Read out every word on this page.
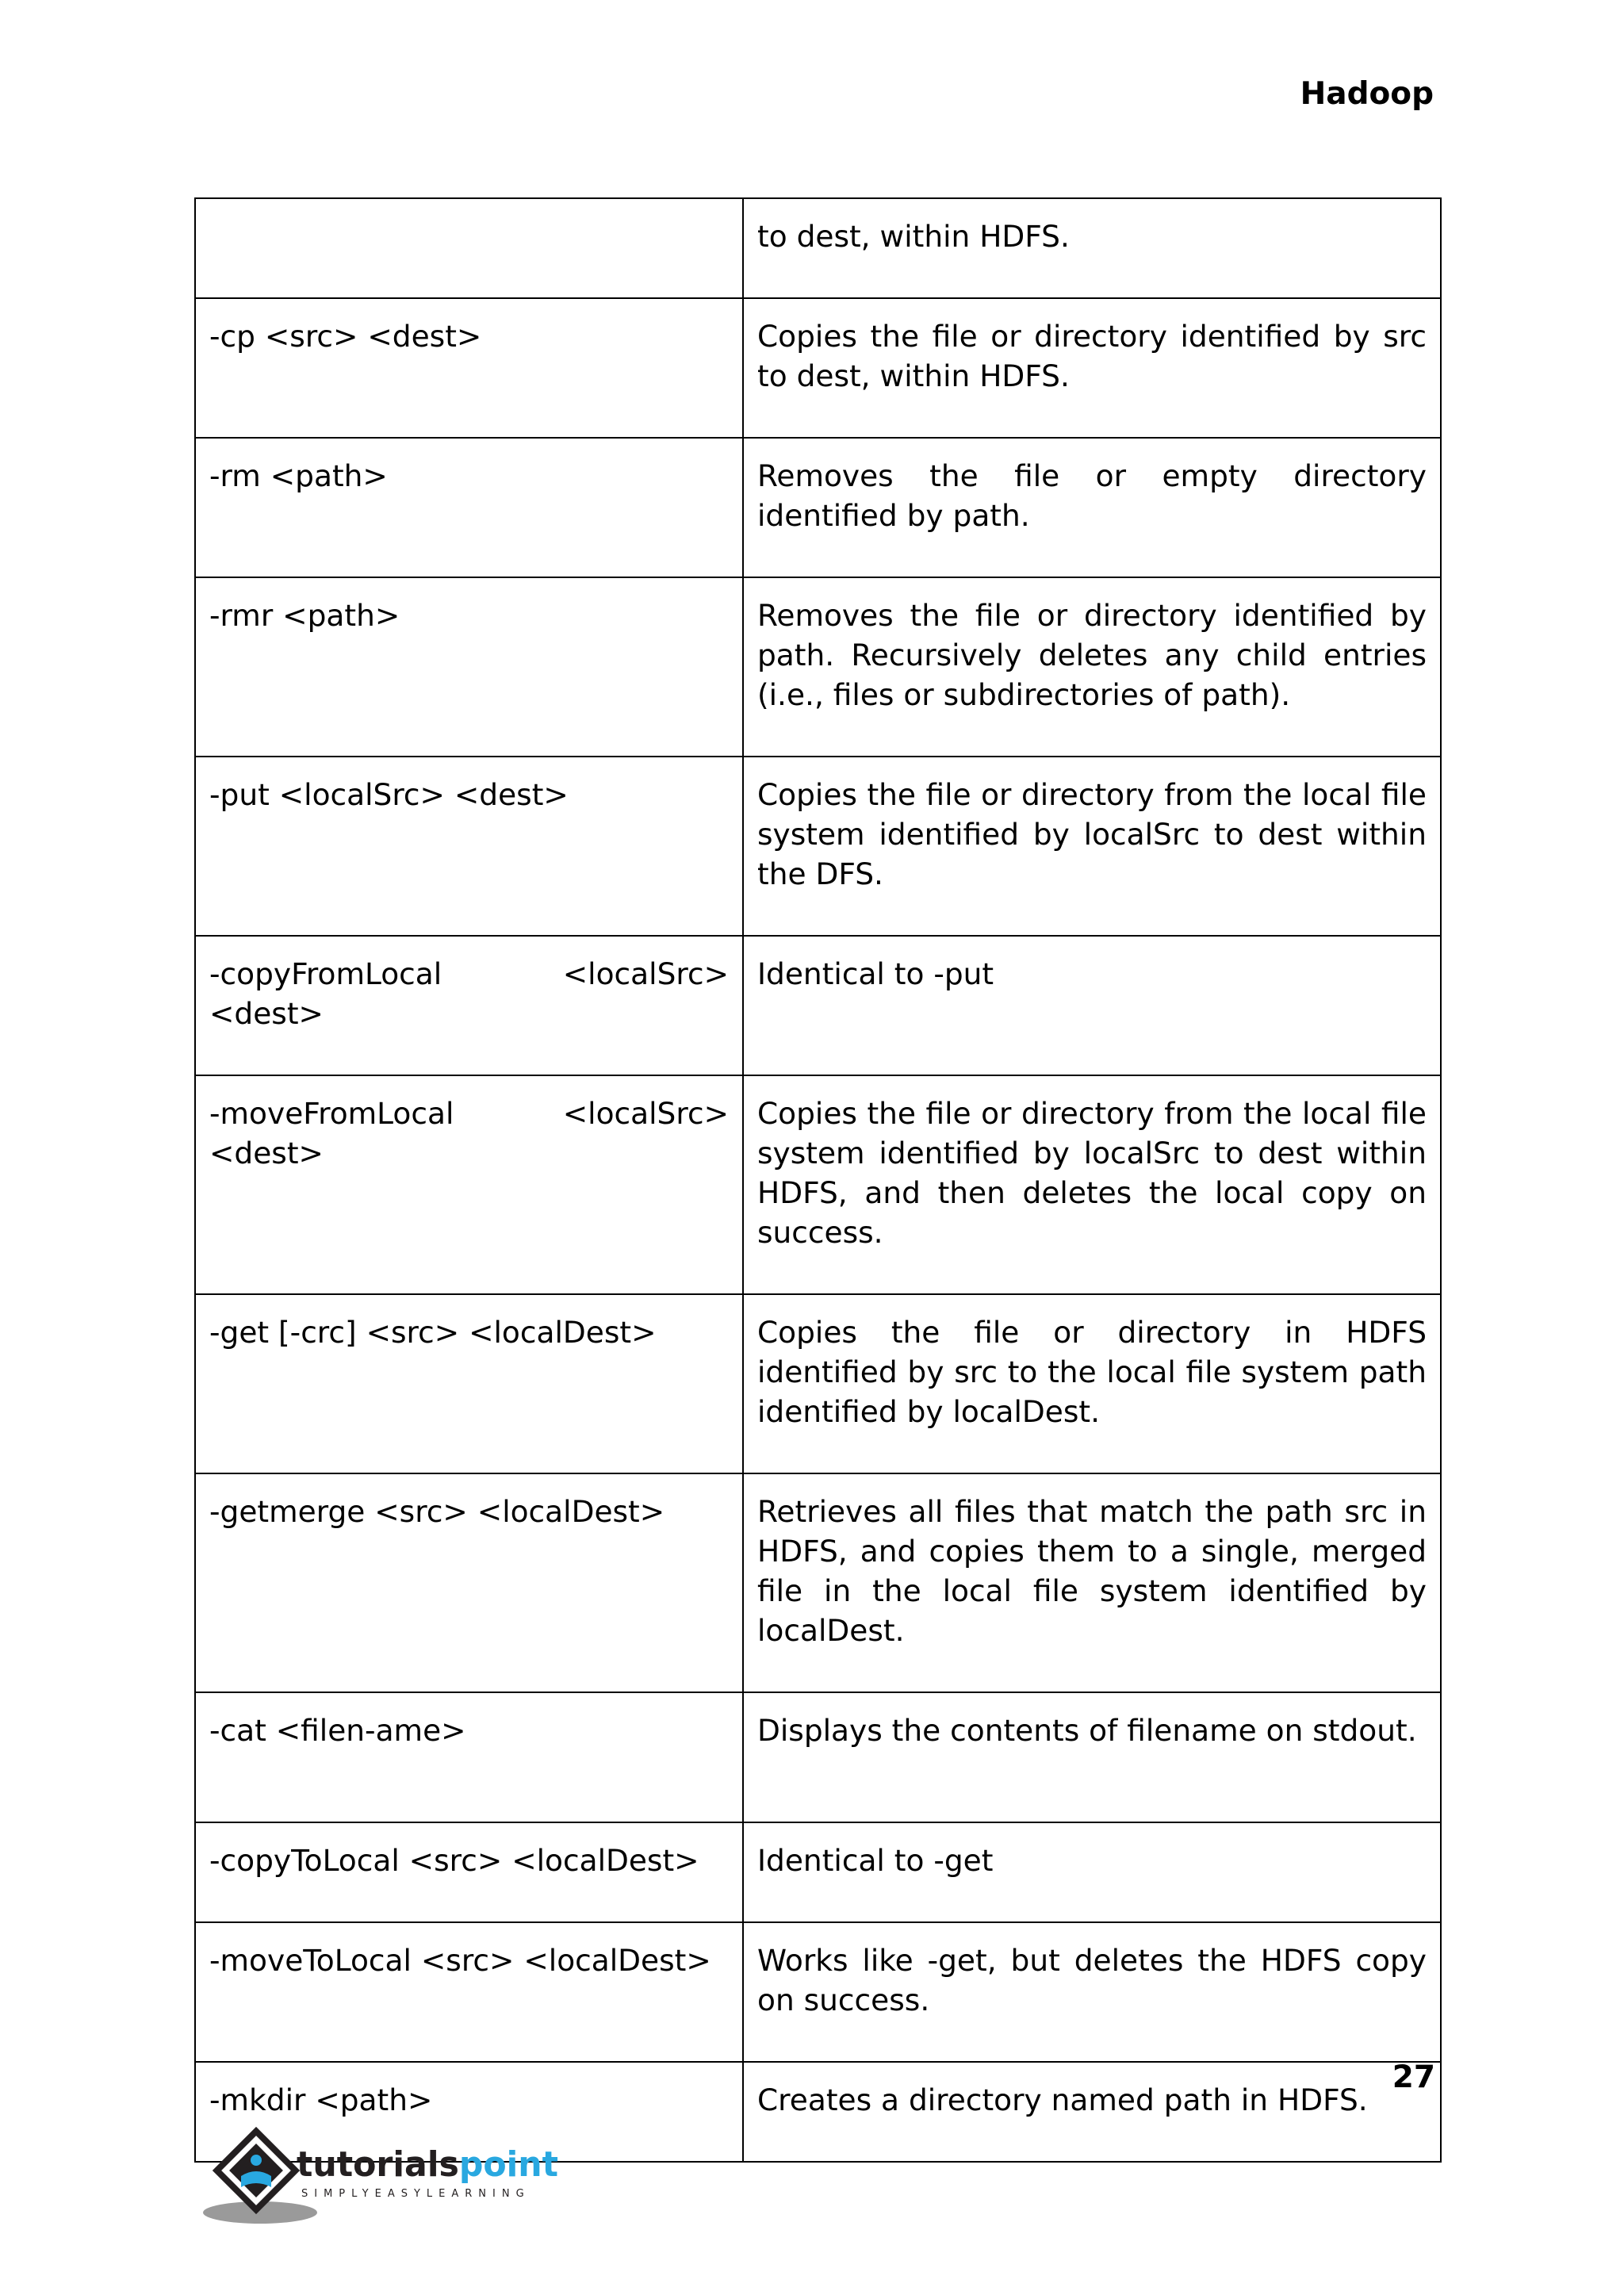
Hadoop
	to dest, within HDFS.
-cp <src> <dest>	Copies the file or directory identified by src to dest, within HDFS.
-rm <path>	Removes the file or empty directory identified by path.
-rmr <path>	Removes the file or directory identified by path. Recursively deletes any child entries (i.e., files or subdirectories of path).
-put <localSrc> <dest>	Copies the file or directory from the local file system identified by localSrc to dest within the DFS.
-copyFromLocal <localSrc> <dest>	Identical to -put
-moveFromLocal <localSrc> <dest>	Copies the file or directory from the local file system identified by localSrc to dest within HDFS, and then deletes the local copy on success.
-get [-crc] <src> <localDest>	Copies the file or directory in HDFS identified by src to the local file system path identified by localDest.
-getmerge <src> <localDest>	Retrieves all files that match the path src in HDFS, and copies them to a single, merged file in the local file system identified by localDest.
-cat <filen-ame>	Displays the contents of filename on stdout.
-copyToLocal <src> <localDest>	Identical to -get
-moveToLocal <src> <localDest>	Works like -get, but deletes the HDFS copy on success.
-mkdir <path>	Creates a directory named path in HDFS.

27

tutorialspoint
SIMPLYEASYLEARNING
